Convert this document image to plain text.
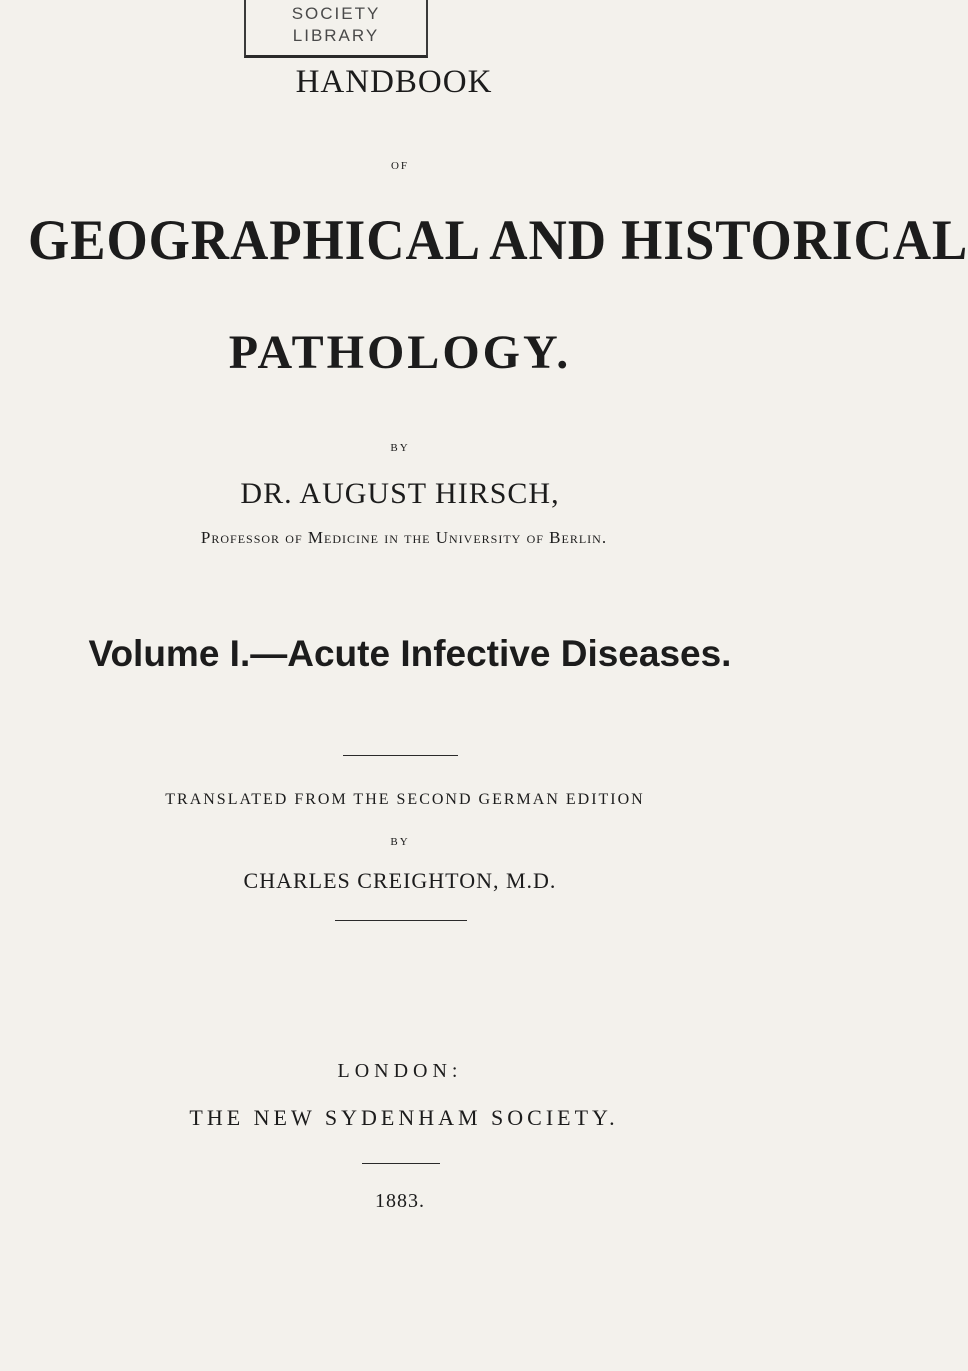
SOCIETY
LIBRARY
HANDBOOK
OF
GEOGRAPHICAL AND HISTORICAL
PATHOLOGY.
BY
DR. AUGUST HIRSCH,
Professor of Medicine in the University of Berlin.
Volume I.—Acute Infective Diseases.
TRANSLATED FROM THE SECOND GERMAN EDITION
BY
CHARLES CREIGHTON, M.D.
LONDON:
THE NEW SYDENHAM SOCIETY.
1883.
